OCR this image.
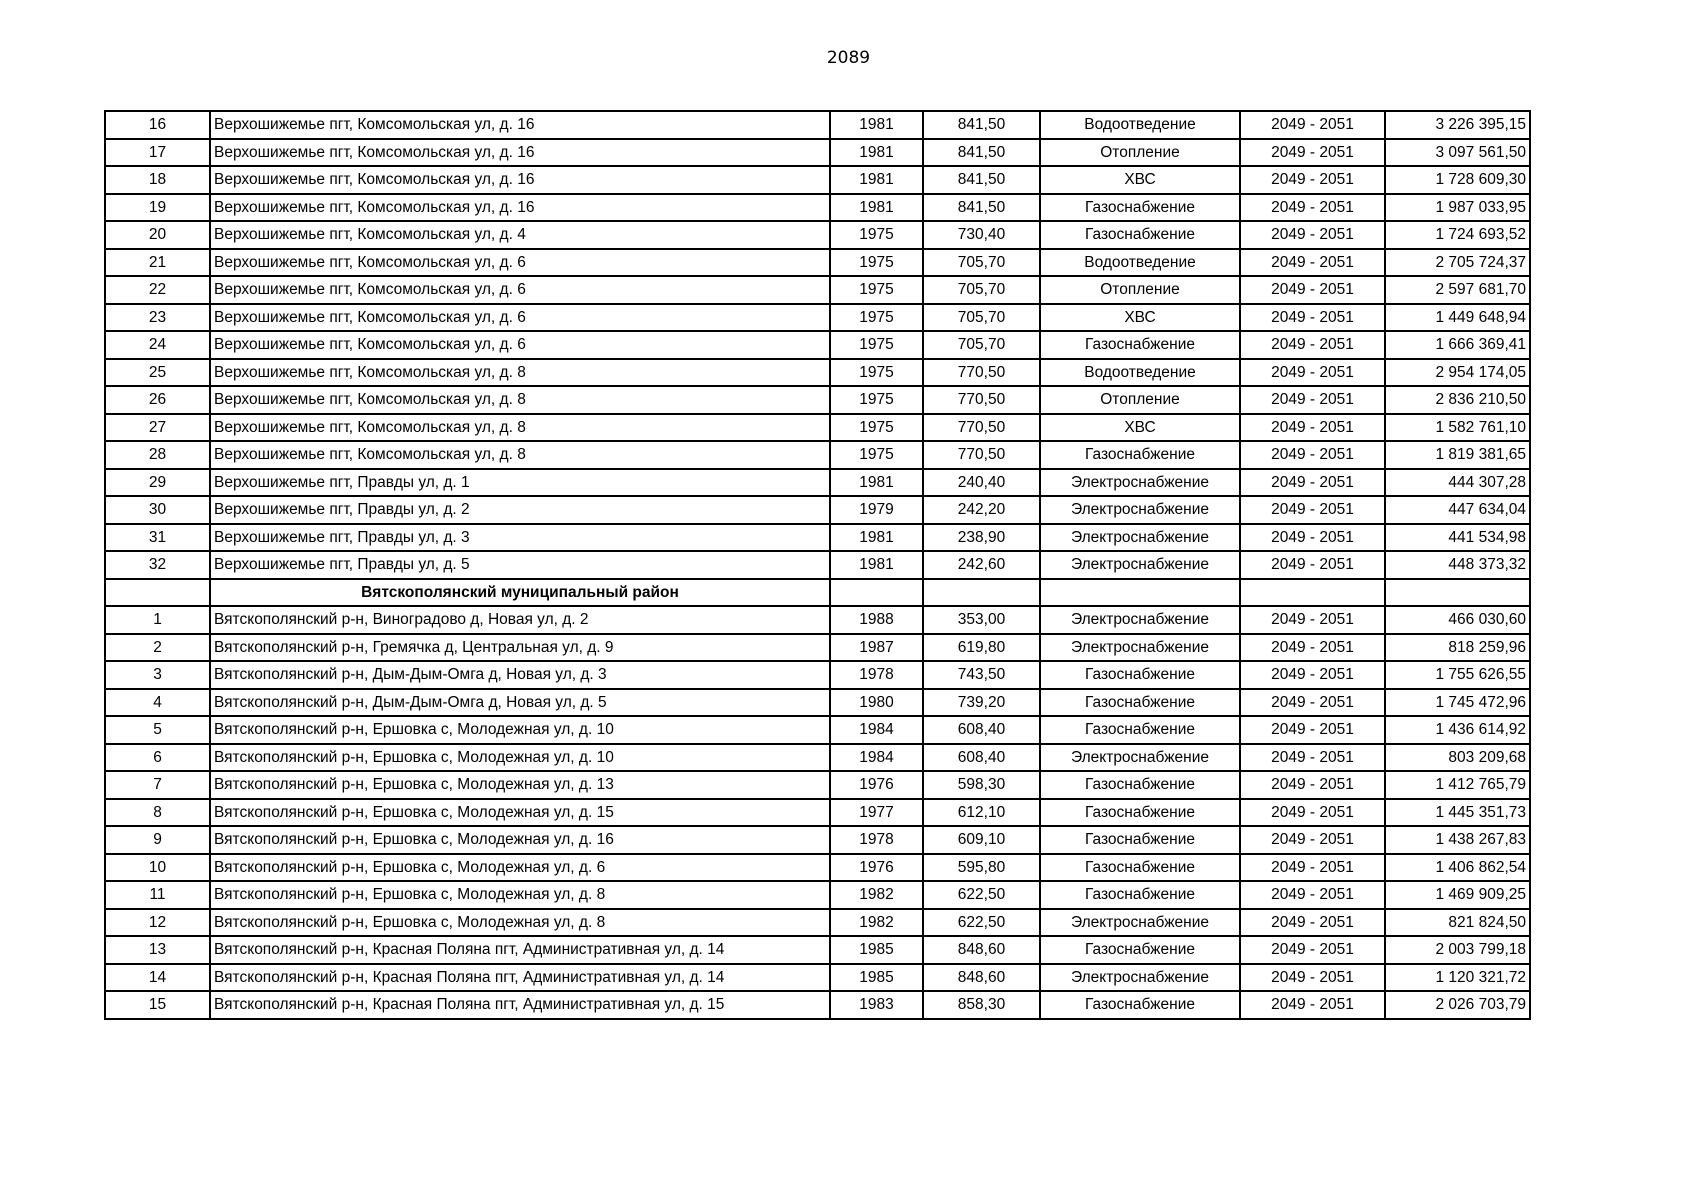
2089
16	Верхошижемье пгт, Комсомольская ул, д. 16	1981	841,50	Водоотведение	2049 - 2051	3 226 395,15
17	Верхошижемье пгт, Комсомольская ул, д. 16	1981	841,50	Отопление	2049 - 2051	3 097 561,50
18	Верхошижемье пгт, Комсомольская ул, д. 16	1981	841,50	ХВС	2049 - 2051	1 728 609,30
19	Верхошижемье пгт, Комсомольская ул, д. 16	1981	841,50	Газоснабжение	2049 - 2051	1 987 033,95
20	Верхошижемье пгт, Комсомольская ул, д. 4	1975	730,40	Газоснабжение	2049 - 2051	1 724 693,52
21	Верхошижемье пгт, Комсомольская ул, д. 6	1975	705,70	Водоотведение	2049 - 2051	2 705 724,37
22	Верхошижемье пгт, Комсомольская ул, д. 6	1975	705,70	Отопление	2049 - 2051	2 597 681,70
23	Верхошижемье пгт, Комсомольская ул, д. 6	1975	705,70	ХВС	2049 - 2051	1 449 648,94
24	Верхошижемье пгт, Комсомольская ул, д. 6	1975	705,70	Газоснабжение	2049 - 2051	1 666 369,41
25	Верхошижемье пгт, Комсомольская ул, д. 8	1975	770,50	Водоотведение	2049 - 2051	2 954 174,05
26	Верхошижемье пгт, Комсомольская ул, д. 8	1975	770,50	Отопление	2049 - 2051	2 836 210,50
27	Верхошижемье пгт, Комсомольская ул, д. 8	1975	770,50	ХВС	2049 - 2051	1 582 761,10
28	Верхошижемье пгт, Комсомольская ул, д. 8	1975	770,50	Газоснабжение	2049 - 2051	1 819 381,65
29	Верхошижемье пгт, Правды ул, д. 1	1981	240,40	Электроснабжение	2049 - 2051	444 307,28
30	Верхошижемье пгт, Правды ул, д. 2	1979	242,20	Электроснабжение	2049 - 2051	447 634,04
31	Верхошижемье пгт, Правды ул, д. 3	1981	238,90	Электроснабжение	2049 - 2051	441 534,98
32	Верхошижемье пгт, Правды ул, д. 5	1981	242,60	Электроснабжение	2049 - 2051	448 373,32
	Вятскополянский муниципальный район					
1	Вятскополянский р-н, Виноградово д, Новая ул, д. 2	1988	353,00	Электроснабжение	2049 - 2051	466 030,60
2	Вятскополянский р-н, Гремячка д, Центральная ул, д. 9	1987	619,80	Электроснабжение	2049 - 2051	818 259,96
3	Вятскополянский р-н, Дым-Дым-Омга д, Новая ул, д. 3	1978	743,50	Газоснабжение	2049 - 2051	1 755 626,55
4	Вятскополянский р-н, Дым-Дым-Омга д, Новая ул, д. 5	1980	739,20	Газоснабжение	2049 - 2051	1 745 472,96
5	Вятскополянский р-н, Ершовка с, Молодежная ул, д. 10	1984	608,40	Газоснабжение	2049 - 2051	1 436 614,92
6	Вятскополянский р-н, Ершовка с, Молодежная ул, д. 10	1984	608,40	Электроснабжение	2049 - 2051	803 209,68
7	Вятскополянский р-н, Ершовка с, Молодежная ул, д. 13	1976	598,30	Газоснабжение	2049 - 2051	1 412 765,79
8	Вятскополянский р-н, Ершовка с, Молодежная ул, д. 15	1977	612,10	Газоснабжение	2049 - 2051	1 445 351,73
9	Вятскополянский р-н, Ершовка с, Молодежная ул, д. 16	1978	609,10	Газоснабжение	2049 - 2051	1 438 267,83
10	Вятскополянский р-н, Ершовка с, Молодежная ул, д. 6	1976	595,80	Газоснабжение	2049 - 2051	1 406 862,54
11	Вятскополянский р-н, Ершовка с, Молодежная ул, д. 8	1982	622,50	Газоснабжение	2049 - 2051	1 469 909,25
12	Вятскополянский р-н, Ершовка с, Молодежная ул, д. 8	1982	622,50	Электроснабжение	2049 - 2051	821 824,50
13	Вятскополянский р-н, Красная Поляна пгт, Административная ул, д. 14	1985	848,60	Газоснабжение	2049 - 2051	2 003 799,18
14	Вятскополянский р-н, Красная Поляна пгт, Административная ул, д. 14	1985	848,60	Электроснабжение	2049 - 2051	1 120 321,72
15	Вятскополянский р-н, Красная Поляна пгт, Административная ул, д. 15	1983	858,30	Газоснабжение	2049 - 2051	2 026 703,79
